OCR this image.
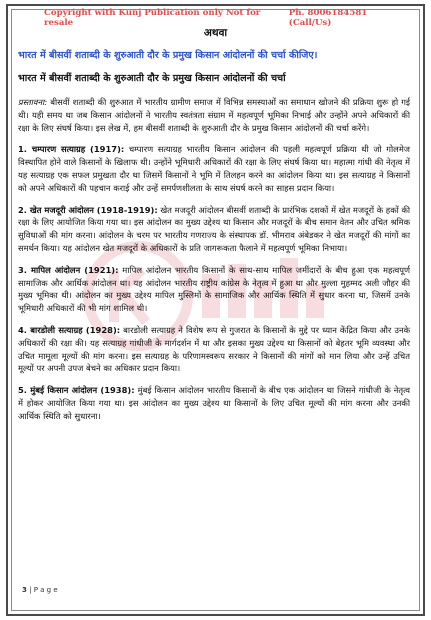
Copyright with Kunj Publication only Not for resale
Ph. 8006184581 (Call/Us)
अथवा
भारत में बीसवीं शताब्दी के शुरुआती दौर के प्रमुख किसान आंदोलनों की चर्चा कीजिए।
भारत में बीसवीं शताब्दी के शुरुआती दौर के प्रमुख किसान आंदोलनों की चर्चा

प्रस्तावना: बीसवीं शताब्दी की शुरुआत में भारतीय ग्रामीण समाज में विभिन्न समस्याओं का समाधान खोजने की प्रक्रिया शुरू हो गई थी। यही समय था जब किसान आंदोलनों ने भारतीय स्वतंत्रता संग्राम में महत्वपूर्ण भूमिका निभाई और उन्होंने अपने अधिकारों की रक्षा के लिए संघर्ष किया। इस लेख में, हम बीसवीं शताब्दी के शुरुआती दौर के प्रमुख किसान आंदोलनों की चर्चा करेंगे।

1. चम्पारण सत्याग्रह (1917): चम्पारण सत्याग्रह भारतीय किसान आंदोलन की पहली महत्वपूर्ण प्रक्रिया थी जो गोलमेज विस्थापित होने वाले किसानों के खिलाफ थी। उन्होंने भूमिधारी अधिकारों की रक्षा के लिए संघर्ष किया था। महात्मा गांधी की नेतृत्व में यह सत्याग्रह एक सफल प्रमुखता दौर था जिसमें किसानों ने भूमि में तिलहन करने का आंदोलन किया था। इस सत्याग्रह ने किसानों को अपने अधिकारों की पहचान कराई और उन्हें समर्पणशीलता के साथ संघर्ष करने का साहस प्रदान किया।

2. खेत मजदूरी आंदोलन (1918-1919): खेत मजदूरी आंदोलन बीसवीं शताब्दी के प्रारंभिक दशकों में खेत मजदूरों के हकों की रक्षा के लिए आयोजित किया गया था। इस आंदोलन का मुख्य उद्देश्य था किसान और मजदूरों के बीच समान वेतन और उचित श्रमिक सुविधाओं की मांग करना। आंदोलन के चरम पर भारतीय गणराज्य के संस्थापक डॉ. भीमराव अंबेडकर ने खेत मजदूरों की मांगों का समर्थन किया। यह आंदोलन खेत मजदूरों के अधिकारों के प्रति जागरूकता फैलाने में महत्वपूर्ण भूमिका निभाया।

3. मापिल आंदोलन (1921): मापिल आंदोलन भारतीय किसानों के साथ-साथ मापिल जमींदारों के बीच हुआ एक महत्वपूर्ण सामाजिक और आर्थिक आंदोलन था। यह आंदोलन भारतीय राष्ट्रीय कांग्रेस के नेतृत्व में हुआ था और मुल्ला मुहम्मद अली जौहर की मुख्य भूमिका थी। आंदोलन का मुख्य उद्देश्य मापिल मुस्लिमों के सामाजिक और आर्थिक स्थिति में सुधार करना था, जिसमें उनके भूमिधारी अधिकारों की भी मांग शामिल थी।

4. बारडोली सत्याग्रह (1928): बारडोली सत्याग्रह ने विशेष रूप से गुजरात के किसानों के मुद्दे पर ध्यान केंद्रित किया और उनके अधिकारों की रक्षा की। यह सत्याग्रह गांधीजी के मार्गदर्शन में था और इसका मुख्य उद्देश्य था किसानों को बेहतर भूमि व्यवस्था और उचित मामूला मूल्यों की मांग करना। इस सत्याग्रह के परिणामस्वरूप सरकार ने किसानों की मांगों को मान लिया और उन्हें उचित मूल्यों पर अपनी उपज बेचने का अधिकार प्रदान किया।

5. मुंबई किसान आंदोलन (1938): मुंबई किसान आंदोलन भारतीय किसानों के बीच एक आंदोलन था जिसने गांधीजी के नेतृत्व में होकर आयोजित किया गया था। इस आंदोलन का मुख्य उद्देश्य था किसानों के लिए उचित मूल्यों की मांग करना और उनकी आर्थिक स्थिति को सुधारना।

3 | P a g e
